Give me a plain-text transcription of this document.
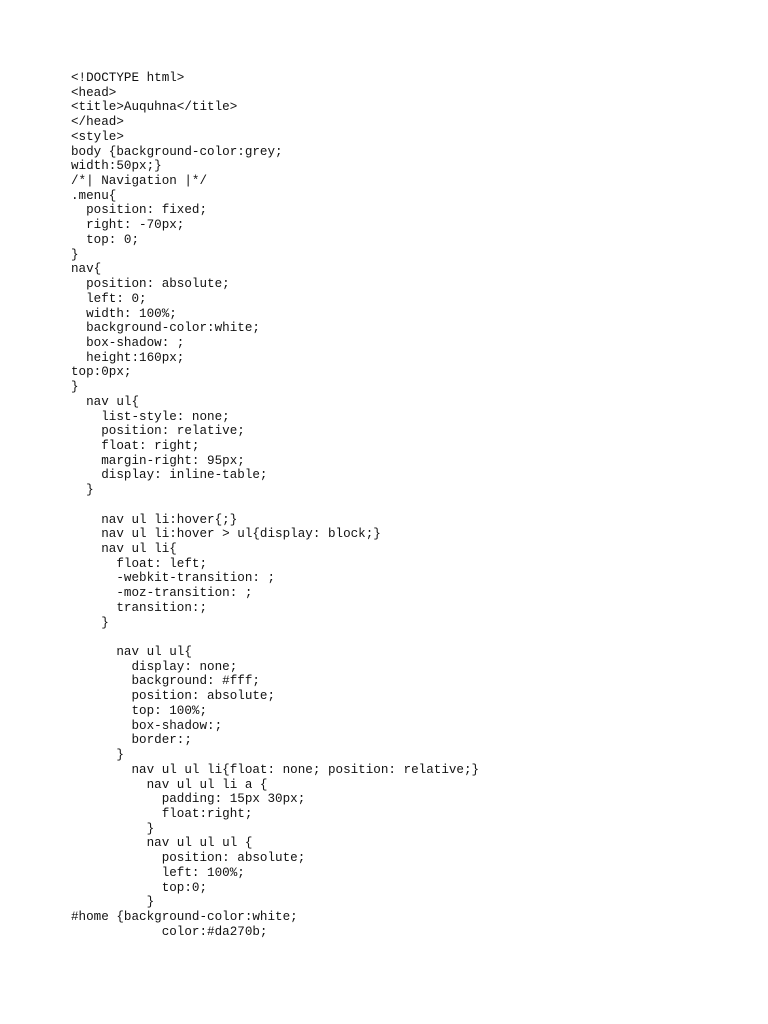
<!DOCTYPE html>
<head>
<title>Auquhna</title>
</head>
<style>
body {background-color:grey;
width:50px;}
/*| Navigation |*/
.menu{
position: fixed;
right: -70px;
top: 0;
}
nav{
position: absolute;
left: 0;
width: 100%;
background-color:white;
box-shadow: ;
height:160px;
top:0px;
}
nav ul{
list-style: none;
position: relative;
float: right;
margin-right: 95px;
display: inline-table;
}
nav ul li:hover{;}
nav ul li:hover > ul{display: block;}
nav ul li{
float: left;
-webkit-transition: ;
-moz-transition: ;
transition:;
}
nav ul ul{
display: none;
background: #fff;
position: absolute;
top: 100%;
box-shadow:;
border:;
}
nav ul ul li{float: none; position: relative;}
nav ul ul li a {
padding: 15px 30px;
float:right;
}
nav ul ul ul {
position: absolute;
left: 100%;
top:0;
}
#home {background-color:white;
color:#da270b;
